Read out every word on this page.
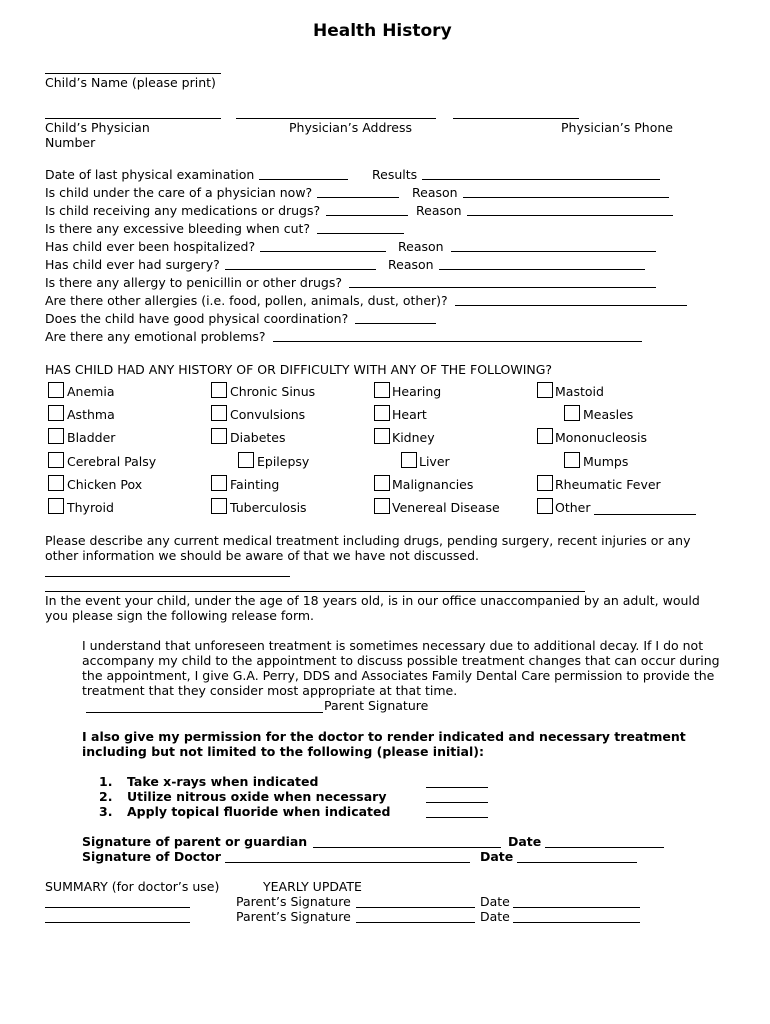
Health History
Child’s Name (please print)
Child’s Physician	Physician’s Address	Physician’s Phone
Number
Date of last physical examination	Results
Is child under the care of a physician now?	Reason
Is child receiving any medications or drugs?	Reason
Is there any excessive bleeding when cut?
Has child ever been hospitalized?	Reason
Has child ever had surgery?	Reason
Is there any allergy to penicillin or other drugs?
Are there other allergies (i.e. food, pollen, animals, dust, other)?
Does the child have good physical coordination?
Are there any emotional problems?
HAS CHILD HAD ANY HISTORY OF OR DIFFICULTY WITH ANY OF THE FOLLOWING?
Anemia	Chronic Sinus	Hearing	Mastoid
Asthma	Convulsions	Heart	Measles
Bladder	Diabetes	Kidney	Mononucleosis
Cerebral Palsy	Epilepsy	Liver	Mumps
Chicken Pox	Fainting	Malignancies	Rheumatic Fever
Thyroid	Tuberculosis	Venereal Disease	Other
Please describe any current medical treatment including drugs, pending surgery, recent injuries or any other information we should be aware of that we have not discussed.
In the event your child, under the age of 18 years old, is in our office unaccompanied by an adult, would you please sign the following release form.
I understand that unforeseen treatment is sometimes necessary due to additional decay. If I do not accompany my child to the appointment to discuss possible treatment changes that can occur during the appointment, I give G.A. Perry, DDS and Associates Family Dental Care permission to provide the treatment that they consider most appropriate at that time.
Parent Signature
I also give my permission for the doctor to render indicated and necessary treatment including but not limited to the following (please initial):
1. Take x-rays when indicated
2. Utilize nitrous oxide when necessary
3. Apply topical fluoride when indicated
Signature of parent or guardian	Date
Signature of Doctor	Date
SUMMARY (for doctor’s use)	YEARLY UPDATE
Parent’s Signature	Date
Parent’s Signature	Date
